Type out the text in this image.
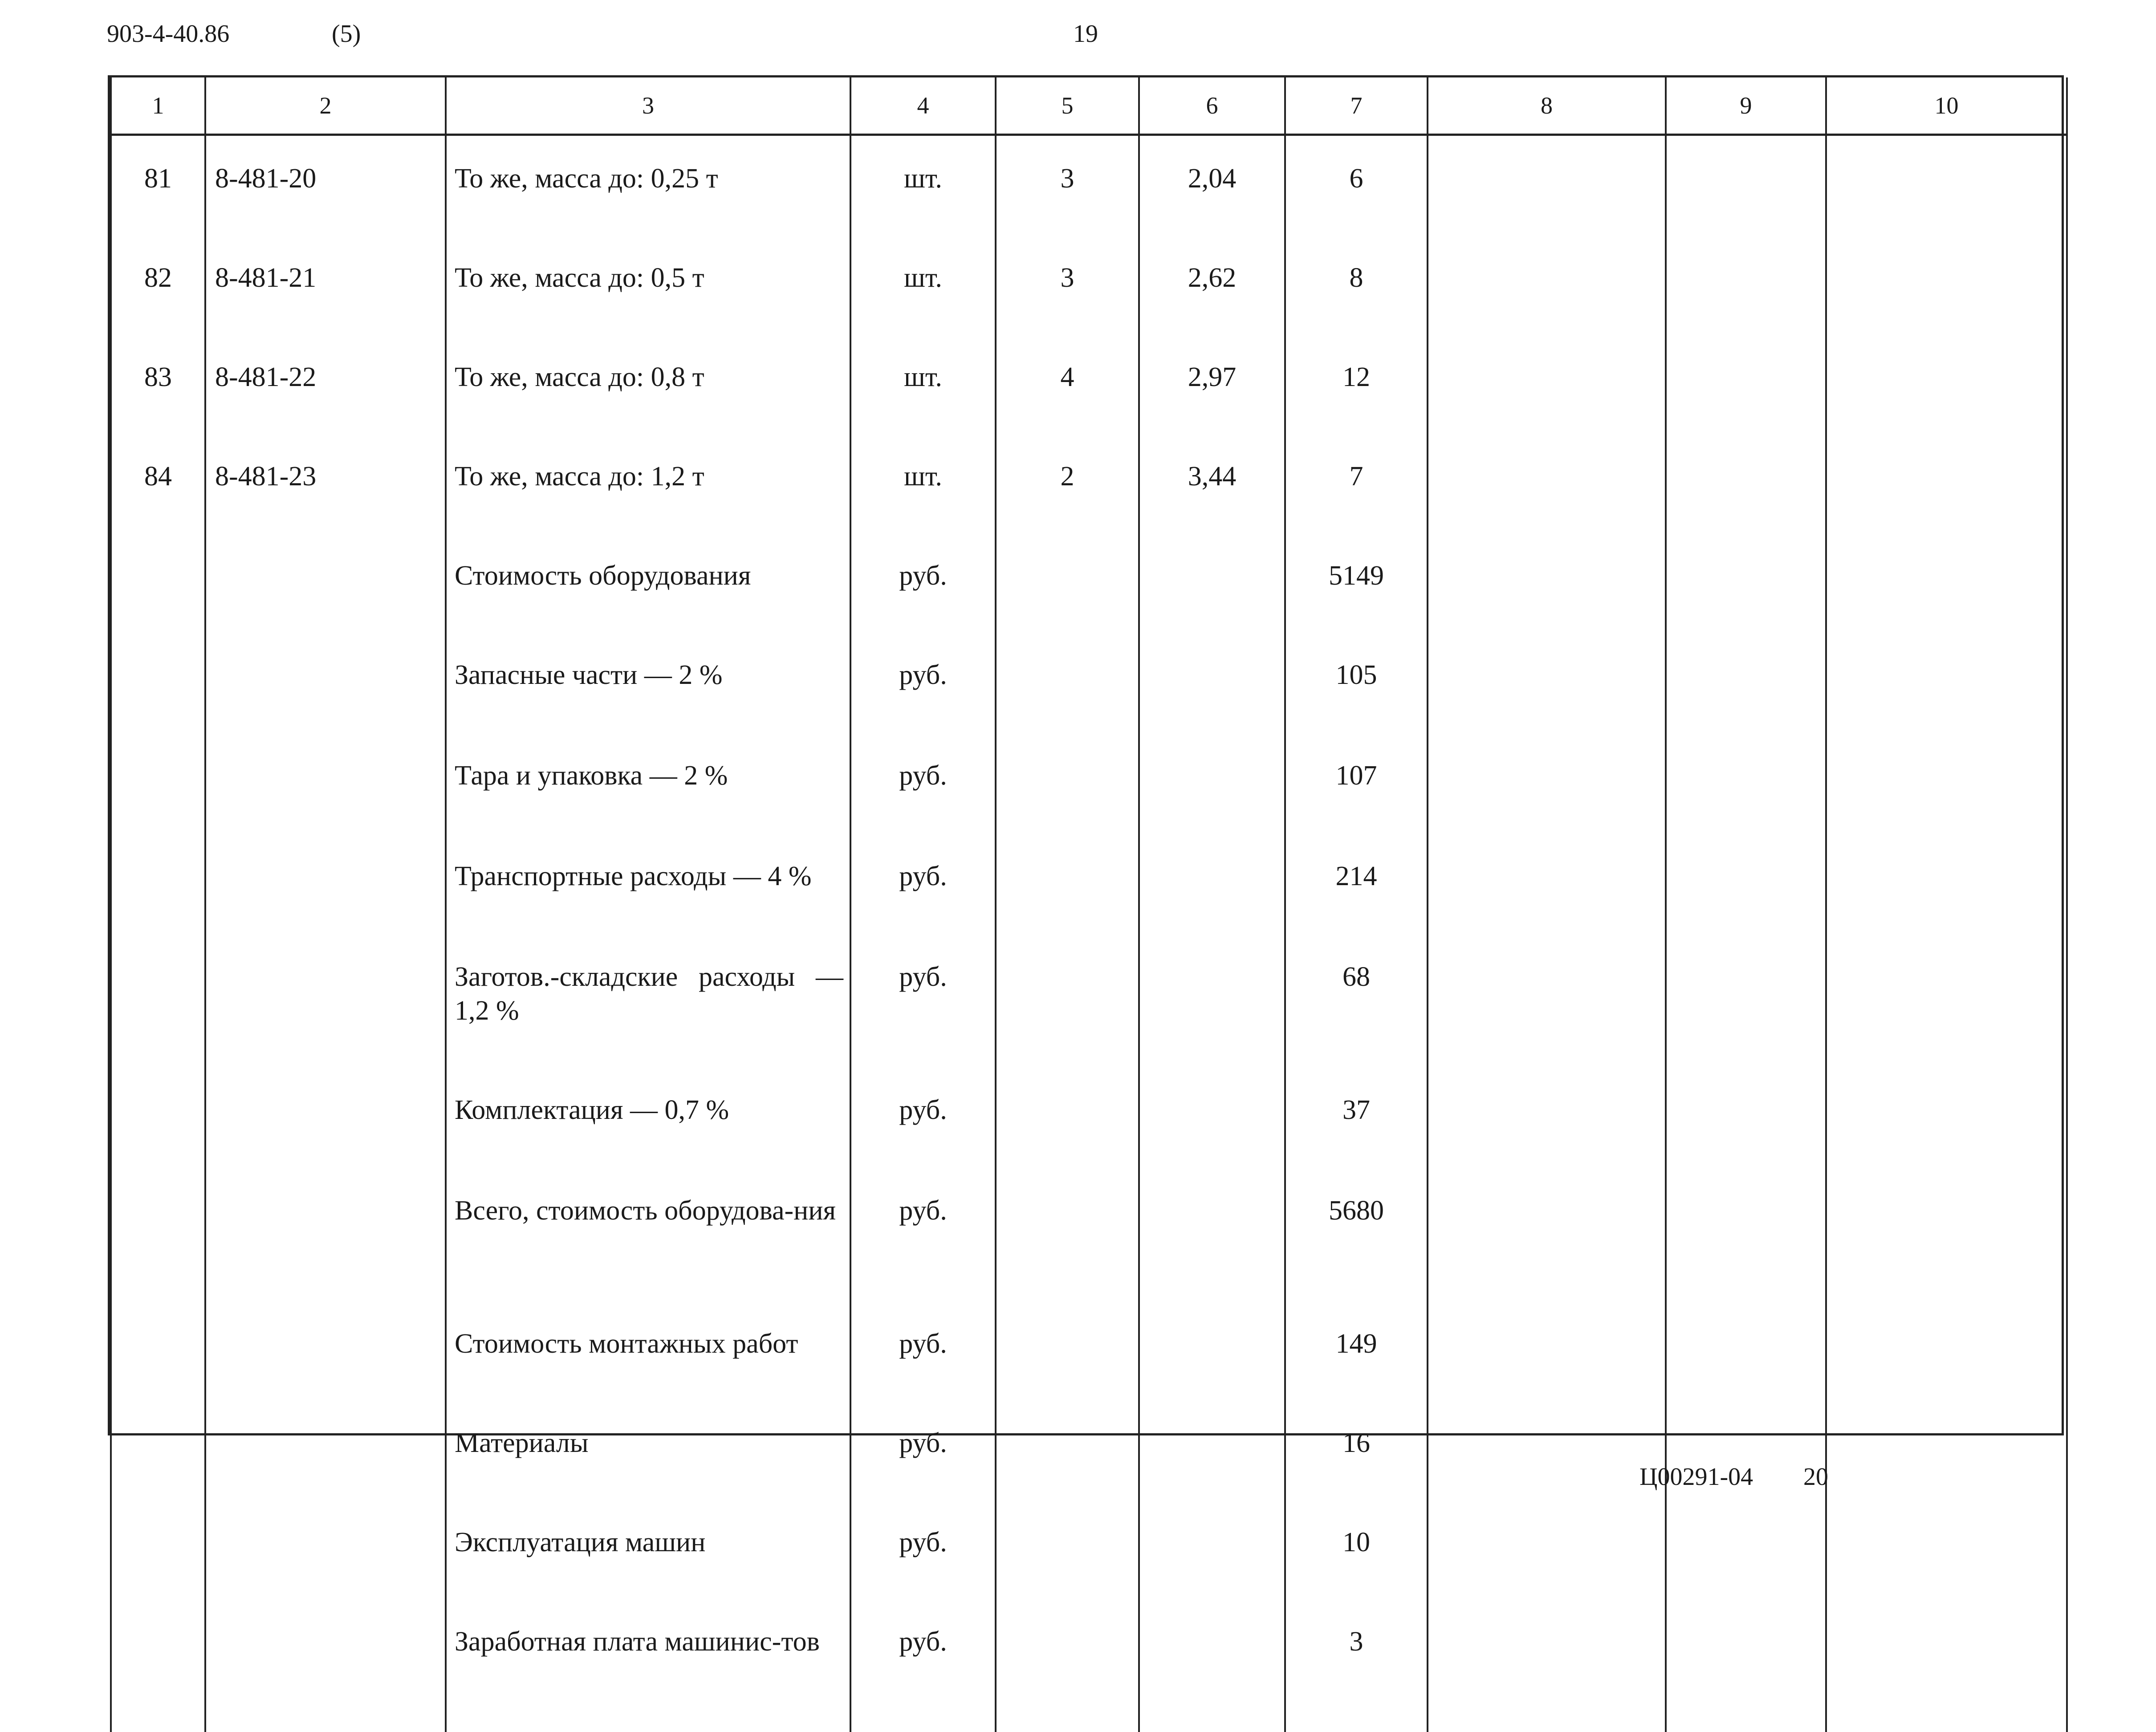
903-4-40.86	(5)	19
1	2	3	4	5	6	7	8	9	10
81	8-481-20	То же, масса до: 0,25 т	шт.	3	2,04	6			
82	8-481-21	То же, масса до: 0,5 т	шт.	3	2,62	8			
83	8-481-22	То же, масса до: 0,8 т	шт.	4	2,97	12			
84	8-481-23	То же, масса до: 1,2 т	шт.	2	3,44	7			
		Стоимость оборудования	руб.			5149			
		Запасные части — 2 %	руб.			105			
		Тара и упаковка — 2 %	руб.			107			
		Транспортные расходы — 4 %	руб.			214			
		Заготов.-складские расходы — 1,2 %	руб.			68			
		Комплектация — 0,7 %	руб.			37			
		Всего, стоимость оборудова-ния	руб.			5680			
		Стоимость монтажных работ	руб.			149			
		Материалы	руб.			16			
		Эксплуатация машин	руб.			10			
		Заработная плата машинис-тов	руб.			3			

Ц00291-04 20
